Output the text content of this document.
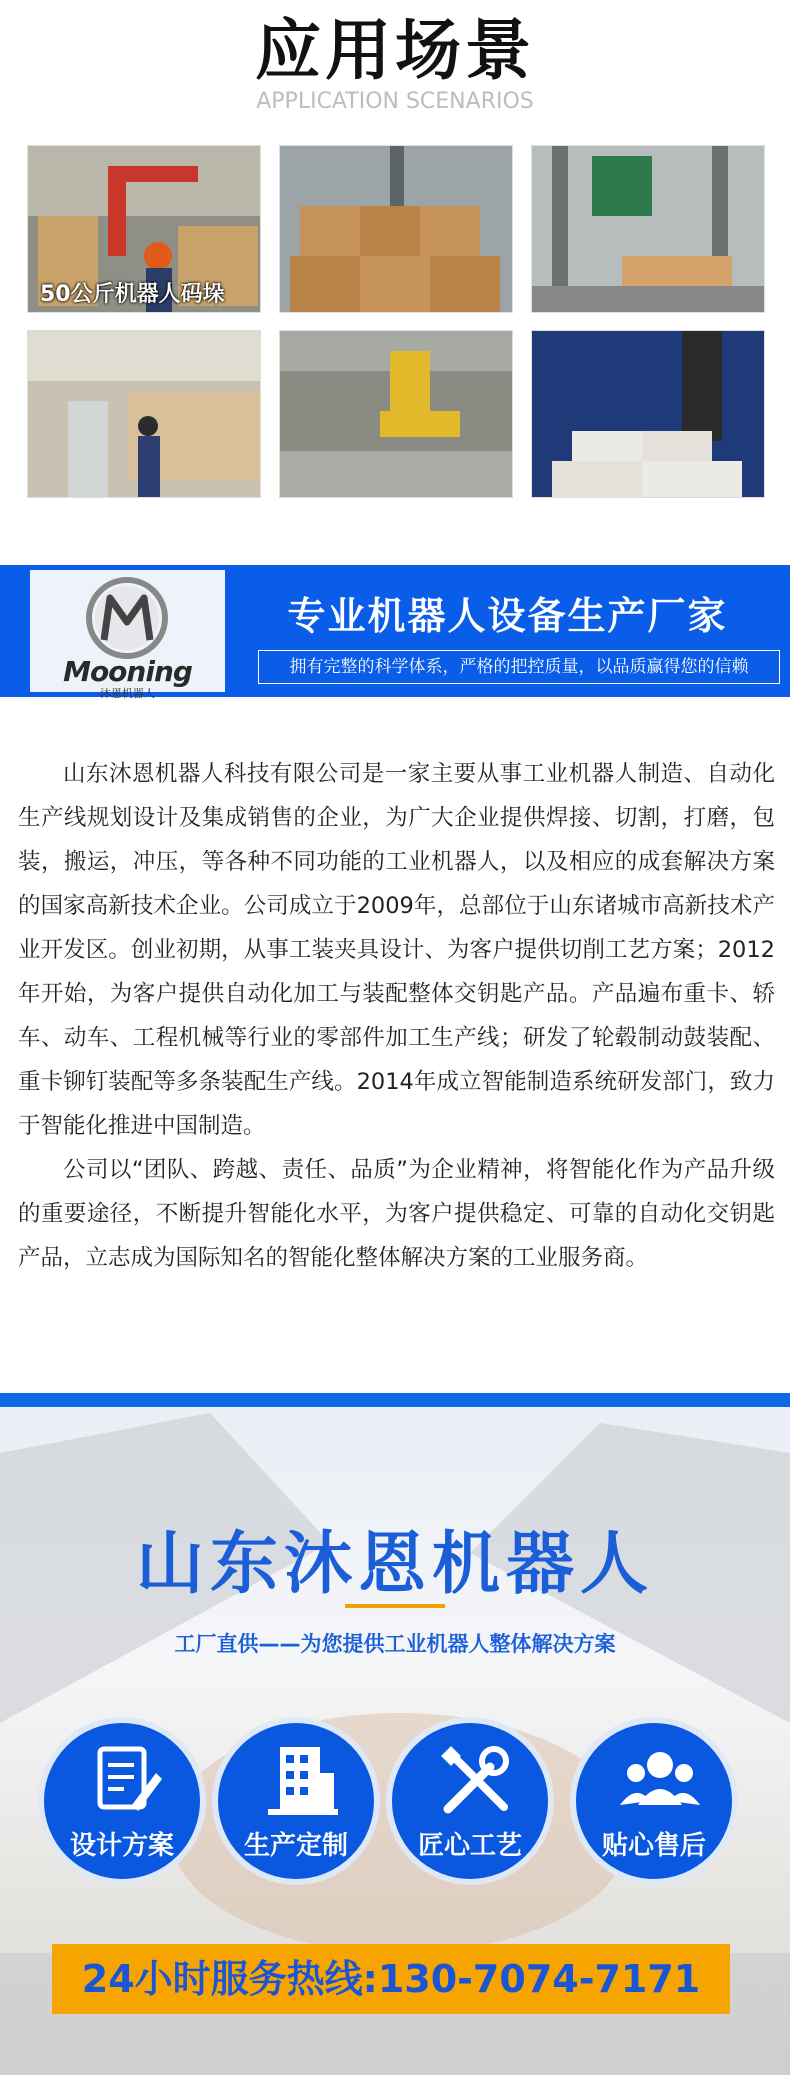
应用场景
APPLICATION SCENARIOS
50公斤机器人码垛
Mooning
沐恩机器人
专业机器人设备生产厂家
拥有完整的科学体系，严格的把控质量，以品质赢得您的信赖

山东沐恩机器人科技有限公司是一家主要从事工业机器人制造、自动化生产线规划设计及集成销售的企业，为广大企业提供焊接、切割，打磨，包装，搬运，冲压，等各种不同功能的工业机器人，以及相应的成套解决方案的国家高新技术企业。公司成立于2009年，总部位于山东诸城市高新技术产业开发区。创业初期，从事工装夹具设计、为客户提供切削工艺方案；2012年开始，为客户提供自动化加工与装配整体交钥匙产品。产品遍布重卡、轿车、动车、工程机械等行业的零部件加工生产线；研发了轮毂制动鼓装配、重卡铆钉装配等多条装配生产线。2014年成立智能制造系统研发部门，致力于智能化推进中国制造。

公司以“团队、跨越、责任、品质”为企业精神，将智能化作为产品升级的重要途径，不断提升智能化水平，为客户提供稳定、可靠的自动化交钥匙产品，立志成为国际知名的智能化整体解决方案的工业服务商。

山东沐恩机器人
工厂直供——为您提供工业机器人整体解决方案
设计方案	生产定制	匠心工艺	贴心售后
24小时服务热线:130-7074-7171
